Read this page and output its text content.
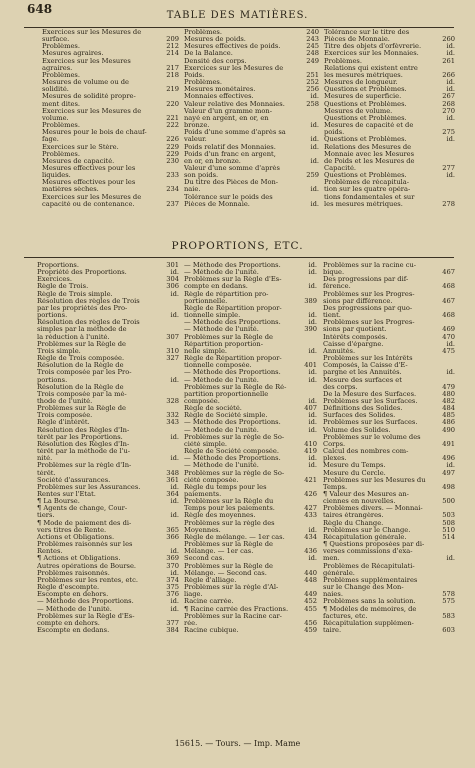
648	TABLE DES MATIÈRES.
Exercices sur les Mesures de
surface.	209
Problèmes.	212
Mesures agraires.	214
Exercices sur les Mesures
agraires.	217
Problèmes.	218
Mesures de volume ou de
solidité.	219
Mesures de solidité propre-
ment dites.	220
Exercices sur les Mesures de
volume.	221
Problèmes.	222
Mesures pour le bois de chauf-
fage.	226
Exercices sur le Stère.	229
Problèmes.	229
Mesures de capacité.	230
Mesures effectives pour les
liquides.	233
Mesures effectives pour les
matières sèches.	234
Exercices sur les Mesures de
capacité ou de contenance.	237
Problèmes.	240
Mesures de poids.	243
Mesures effectives de poids.	245
De la Balance.	248
Densité des corps.	249
Exercices sur les Mesures de
Poids.	251
Problèmes.	252
Mesures monétaires.	256
Monnaies effectives.	id.
Valeur relative des Monnaies.	258
Valeur d'un gramme mon-
nayé en argent, en or, en
bronze.	id.
Poids d'une somme d'après sa
valeur.	id.
Poids relatif des Monnaies.	id.
Poids d'un franc en argent,
en or, en bronze.	id.
Valeur d'une somme d'après
son poids.	259
Du titre des Pièces de Mon-
naie.	id.
Tolérance sur le poids des
Pièces de Monnaie.	id.
Tolérance sur le titre des
Pièces de Monnaie.	260
Titre des objets d'orfèvrerie.	id.
Exercices sur les Monnaies.	id.
Problèmes.	261
Relations qui existent entre
les mesures métriques.	266
Mesures de longueur.	id.
Questions et Problèmes.	id.
Mesures de superficie.	267
Questions et Problèmes.	268
Mesures de volume.	270
Questions et Problèmes.	id.
Mesures de capacité et de
poids.	275
Questions et Problèmes.	id.
Relations des Mesures de
Monnaie avec les Mesures
de Poids et les Mesures de
Capacité.	277
Questions et Problèmes.	id.
Problèmes de récapitula-
tion sur les quatre opéra-
tions fondamentales et sur
les mesures métriques.	278
PROPORTIONS, ETC.
Proportions.	301
Propriété des Proportions.	id.
Exercices.	304
Règle de Trois.	306
Règle de Trois simple.	id.
Résolution des règles de Trois
par les propriétés des Pro-
portions.	id.
Résolution des règles de Trois
simples par la méthode de
la réduction à l'unité.	307
Problèmes sur la Règle de
Trois simple.	310
Règle de Trois composée.	327
Résolution de la Règle de
Trois composée par les Pro-
portions.	id.
Résolution de la Règle de
Trois composée par la mé-
thode de l'unité.	328
Problèmes sur la Règle de
Trois composée.	332
Règle d'intérêt.	343
Résolution des Règles d'In-
térêt par les Proportions.	id.
Résolution des Règles d'In-
térêt par la méthode de l'u-
nité.	id.
Problèmes sur la règle d'In-
térêt.	348
Société d'assurances.	361
Problèmes sur les Assurances.	id.
Rentes sur l'État.	364
¶ La Bourse.	id.
¶ Agents de change, Cour-
tiers.	id.
¶ Mode de paiement des di-
vers titres de Rente.	365
Actions et Obligations.	366
Problèmes raisonnés sur les
Rentes.	id.
¶ Actions et Obligations.	369
Autres opérations de Bourse.	370
Problèmes raisonnés.	id.
Problèmes sur les rentes, etc.	374
Règle d'escompte.	375
Escompte en dehors.	376
— Méthode des Proportions.	id.
— Méthode de l'unité.	id.
Problèmes sur la Règle d'Es-
compte en dehors.	377
Escompte en dedans.	384
— Méthode des Proportions.	id.
— Méthode de l'unité.	id.
Problèmes sur la Règle d'Es-
compte en dedans.	id.
Règle de répartition pro-
portionnelle.	389
Règle de Répartition propor-
tionnelle simple.	id.
— Méthode des Proportions.	id.
— Méthode de l'unité.	390
Problèmes sur la Règle de
Répartition proportion-
nelle simple.	id.
Règle de Répartition propor-
tionnelle composée.	401
— Méthode des Proportions.	id.
— Méthode de l'unité.	id.
Problèmes sur la Règle de Ré-
partition proportionnelle
composée.	id.
Règle de société.	407
Règle de Société simple.	id.
— Méthode des Proportions.	id.
— Méthode de l'unité.	id.
Problèmes sur la règle de So-
ciété simple.	410
Règle de Société composée.	419
— Méthode des Proportions.	id.
— Méthode de l'unité.	id.
Problèmes sur la règle de So-
ciété composée.	421
Règle du temps pour les
paiements.	426
Problèmes sur la Règle du
Temps pour les paiements.	427
Règle des moyennes.	433
Problèmes sur la règle des
Moyennes.	id.
Règle de mélange. — 1er cas.	434
Problèmes sur la Règle de
Mélange. — 1er cas.	436
Second cas.	id.
Problèmes sur la Règle de
Mélange. — Second cas.	440
Règle d'alliage.	448
Problèmes sur la règle d'Al-
liage.	449
Racine carrée.	452
¶ Racine carrée des Fractions.	455
Problèmes sur la Racine car-
rée.	456
Racine cubique.	459
Problèmes sur la racine cu-
bique.	467
Des progressions par dif-
férence.	468
Problèmes sur les Progres-
sions par différence.	467
Des progressions par quo-
tient.	468
Problèmes sur les Progres-
sions par quotient.	469
Intérêts composés.	470
Caisse d'épargne.	id.
Annuités.	475
Problèmes sur les Intérêts
Composés, la Caisse d'É-
pargne et les Annuités.	id.
Mesure des surfaces et
des corps.	479
De la Mesure des Surfaces.	480
Problèmes sur les Surfaces.	482
Définitions des Solides.	484
Surfaces des Solides.	485
Problèmes sur les Surfaces.	486
Volume des Solides.	490
Problèmes sur le volume des
Corps.	491
Calcul des nombres com-
plexes.	496
Mesure du Temps.	id.
Mesure du Cercle.	497
Problèmes sur les Mesures du
Temps.	498
¶ Valeur des Mesures an-
ciennes en nouvelles.	500
Problèmes divers. — Monnai-
taires étrangères.	503
Règle du Change.	508
Problèmes sur le Change.	510
Récapitulation générale.	514
¶ Questions proposées par di-
verses commissions d'exa-
men.	id.
Problèmes de Récapitulati-
générale.
Problèmes supplémentaires
sur le Change des Mon-
naies.	578
Problèmes sans la solution.	575
¶ Modèles de mémoires, de
factures, etc.	583
Récapitulation supplémen-
taire.	603
15615. — Tours. — Imp. Mame
